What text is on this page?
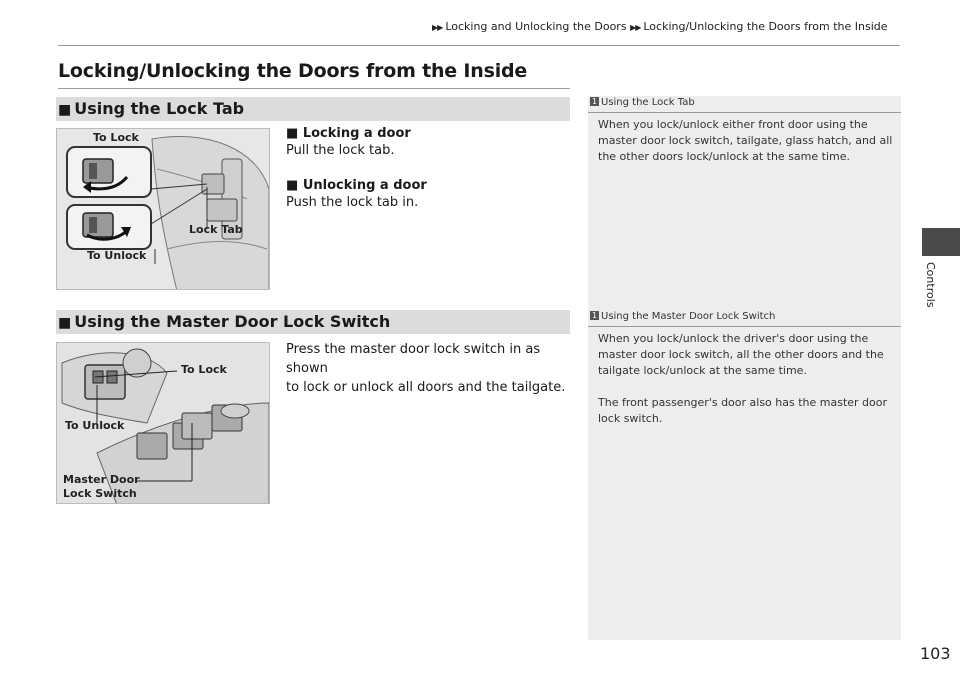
▶▶ Locking and Unlocking the Doors ▶▶ Locking/Unlocking the Doors from the Inside
Locking/Unlocking the Doors from the Inside
■ Using the Lock Tab	1 Using the Lock Tab
When you lock/unlock either front door using the
master door lock switch, tailgate, glass hatch, and all
the other doors lock/unlock at the same time.
To Lock
Lock Tab
To Unlock
■ Locking a door
Pull the lock tab.
■ Unlocking a door
Push the lock tab in.
■ Using the Master Door Lock Switch	1 Using the Master Door Lock Switch
When you lock/unlock the driver's door using the
master door lock switch, all the other doors and the
tailgate lock/unlock at the same time.
The front passenger's door also has the master door
lock switch.
To Lock
To Unlock
Master Door
Lock Switch
Press the master door lock switch in as shown
to lock or unlock all doors and the tailgate.
Controls
103
